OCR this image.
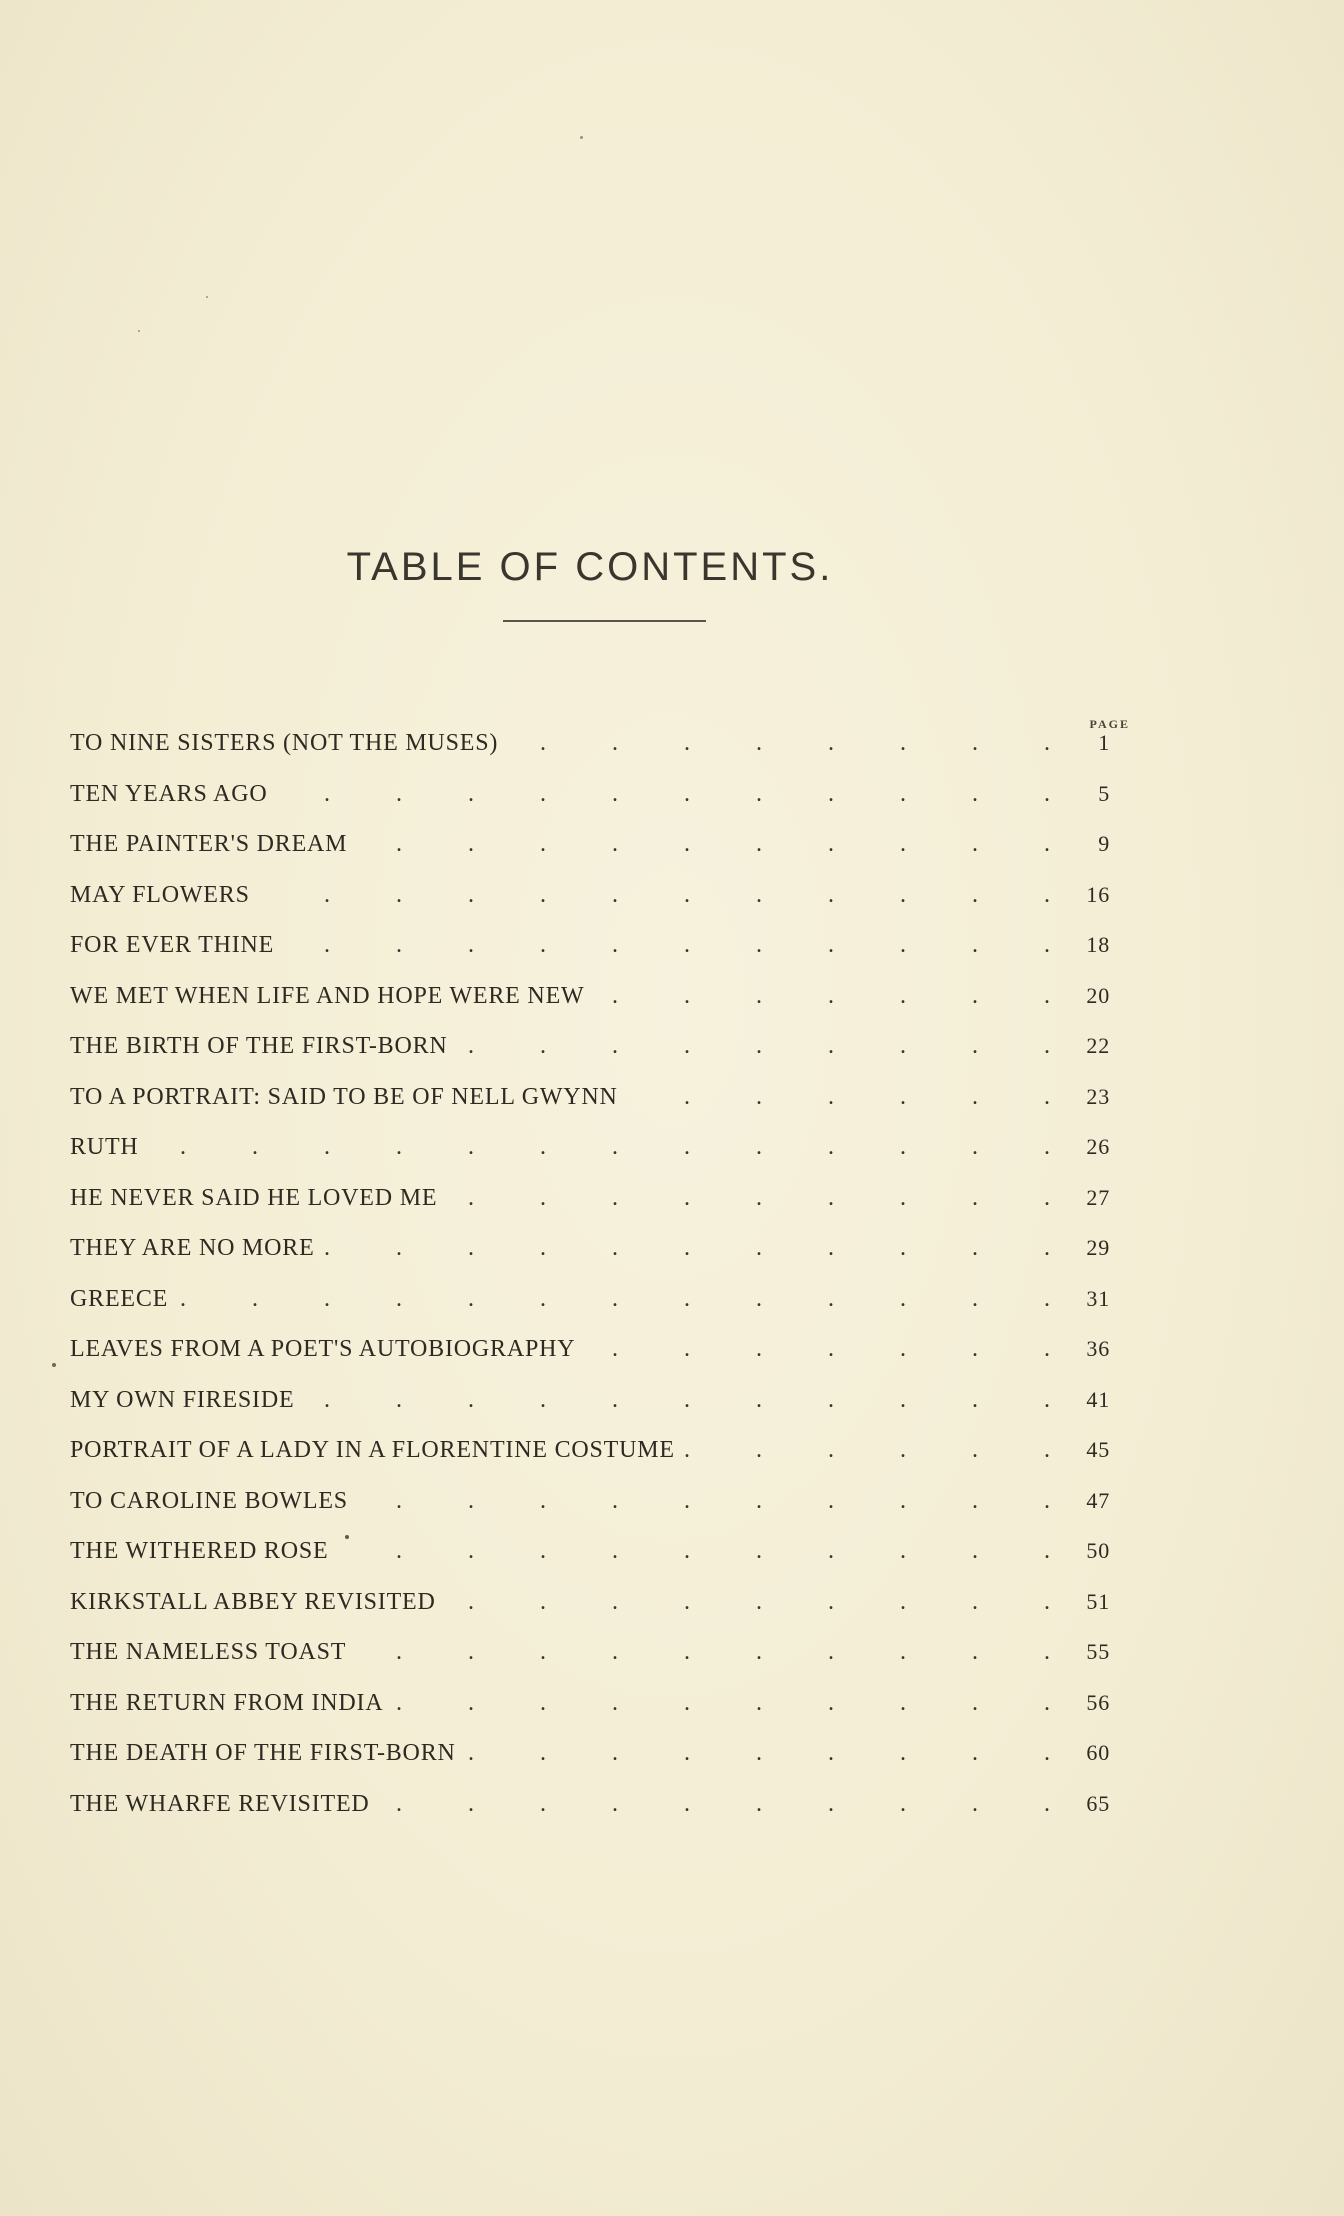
TABLE OF CONTENTS.
PAGE
TO NINE SISTERS (NOT THE MUSES) .	1
TEN YEARS AGO .	5
THE PAINTER'S DREAM .	9
MAY FLOWERS .	16
FOR EVER THINE .	18
WE MET WHEN LIFE AND HOPE WERE NEW .	20
THE BIRTH OF THE FIRST-BORN .	22
TO A PORTRAIT: SAID TO BE OF NELL GWYNN .	23
RUTH .	26
HE NEVER SAID HE LOVED ME .	27
THEY ARE NO MORE .	29
GREECE .	31
LEAVES FROM A POET'S AUTOBIOGRAPHY .	36
MY OWN FIRESIDE .	41
PORTRAIT OF A LADY IN A FLORENTINE COSTUME .	45
TO CAROLINE BOWLES .	47
THE WITHERED ROSE .	50
KIRKSTALL ABBEY REVISITED .	51
THE NAMELESS TOAST .	55
THE RETURN FROM INDIA .	56
THE DEATH OF THE FIRST-BORN .	60
THE WHARFE REVISITED .	65
